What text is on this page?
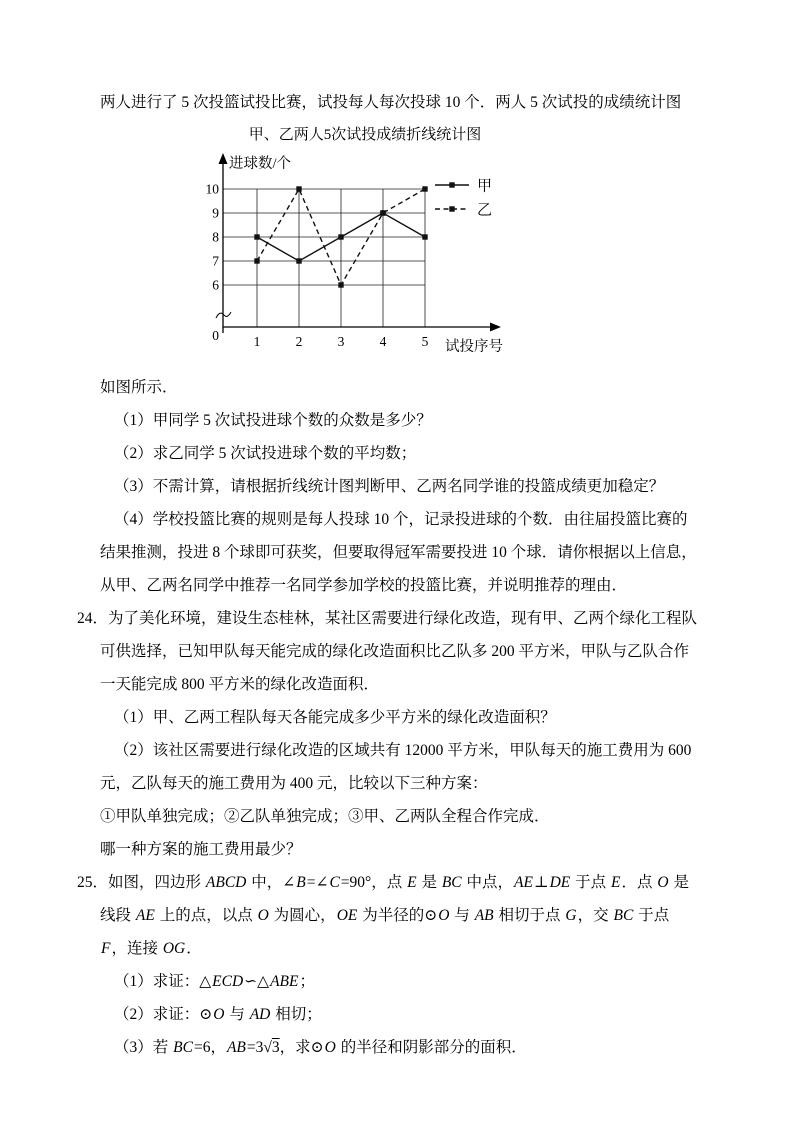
两人进行了 5 次投篮试投比赛，试投每人每次投球 10 个．两人 5 次试投的成绩统计图

甲、乙两人5次试投成绩折线统计图
6
7
8
9
10
0	1	2	3	4	5
进球数/个
试投序号
甲
乙

如图所示．

（1）甲同学 5 次试投进球个数的众数是多少？

（2）求乙同学 5 次试投进球个数的平均数；

（3）不需计算，请根据折线统计图判断甲、乙两名同学谁的投篮成绩更加稳定？

（4）学校投篮比赛的规则是每人投球 10 个，记录投进球的个数．由往届投篮比赛的结果推测，投进 8 个球即可获奖，但要取得冠军需要投进 10 个球．请你根据以上信息，从甲、乙两名同学中推荐一名同学参加学校的投篮比赛，并说明推荐的理由．

24．为了美化环境，建设生态桂林，某社区需要进行绿化改造，现有甲、乙两个绿化工程队可供选择，已知甲队每天能完成的绿化改造面积比乙队多 200 平方米，甲队与乙队合作一天能完成 800 平方米的绿化改造面积．

（1）甲、乙两工程队每天各能完成多少平方米的绿化改造面积？

（2）该社区需要进行绿化改造的区域共有 12000 平方米，甲队每天的施工费用为 600 元，乙队每天的施工费用为 400 元，比较以下三种方案：

①甲队单独完成；②乙队单独完成；③甲、乙两队全程合作完成．

哪一种方案的施工费用最少？

25．如图，四边形 ABCD 中，∠B=∠C=90°，点 E 是 BC 中点，AE⊥DE 于点 E．点 O 是线段 AE 上的点，以点 O 为圆心，OE 为半径的⊙O 与 AB 相切于点 G，交 BC 于点 F，连接 OG．

（1）求证：△ECD∽△ABE；

（2）求证：⊙O 与 AD 相切；

（3）若 BC=6，AB=3√3，求⊙O 的半径和阴影部分的面积．
